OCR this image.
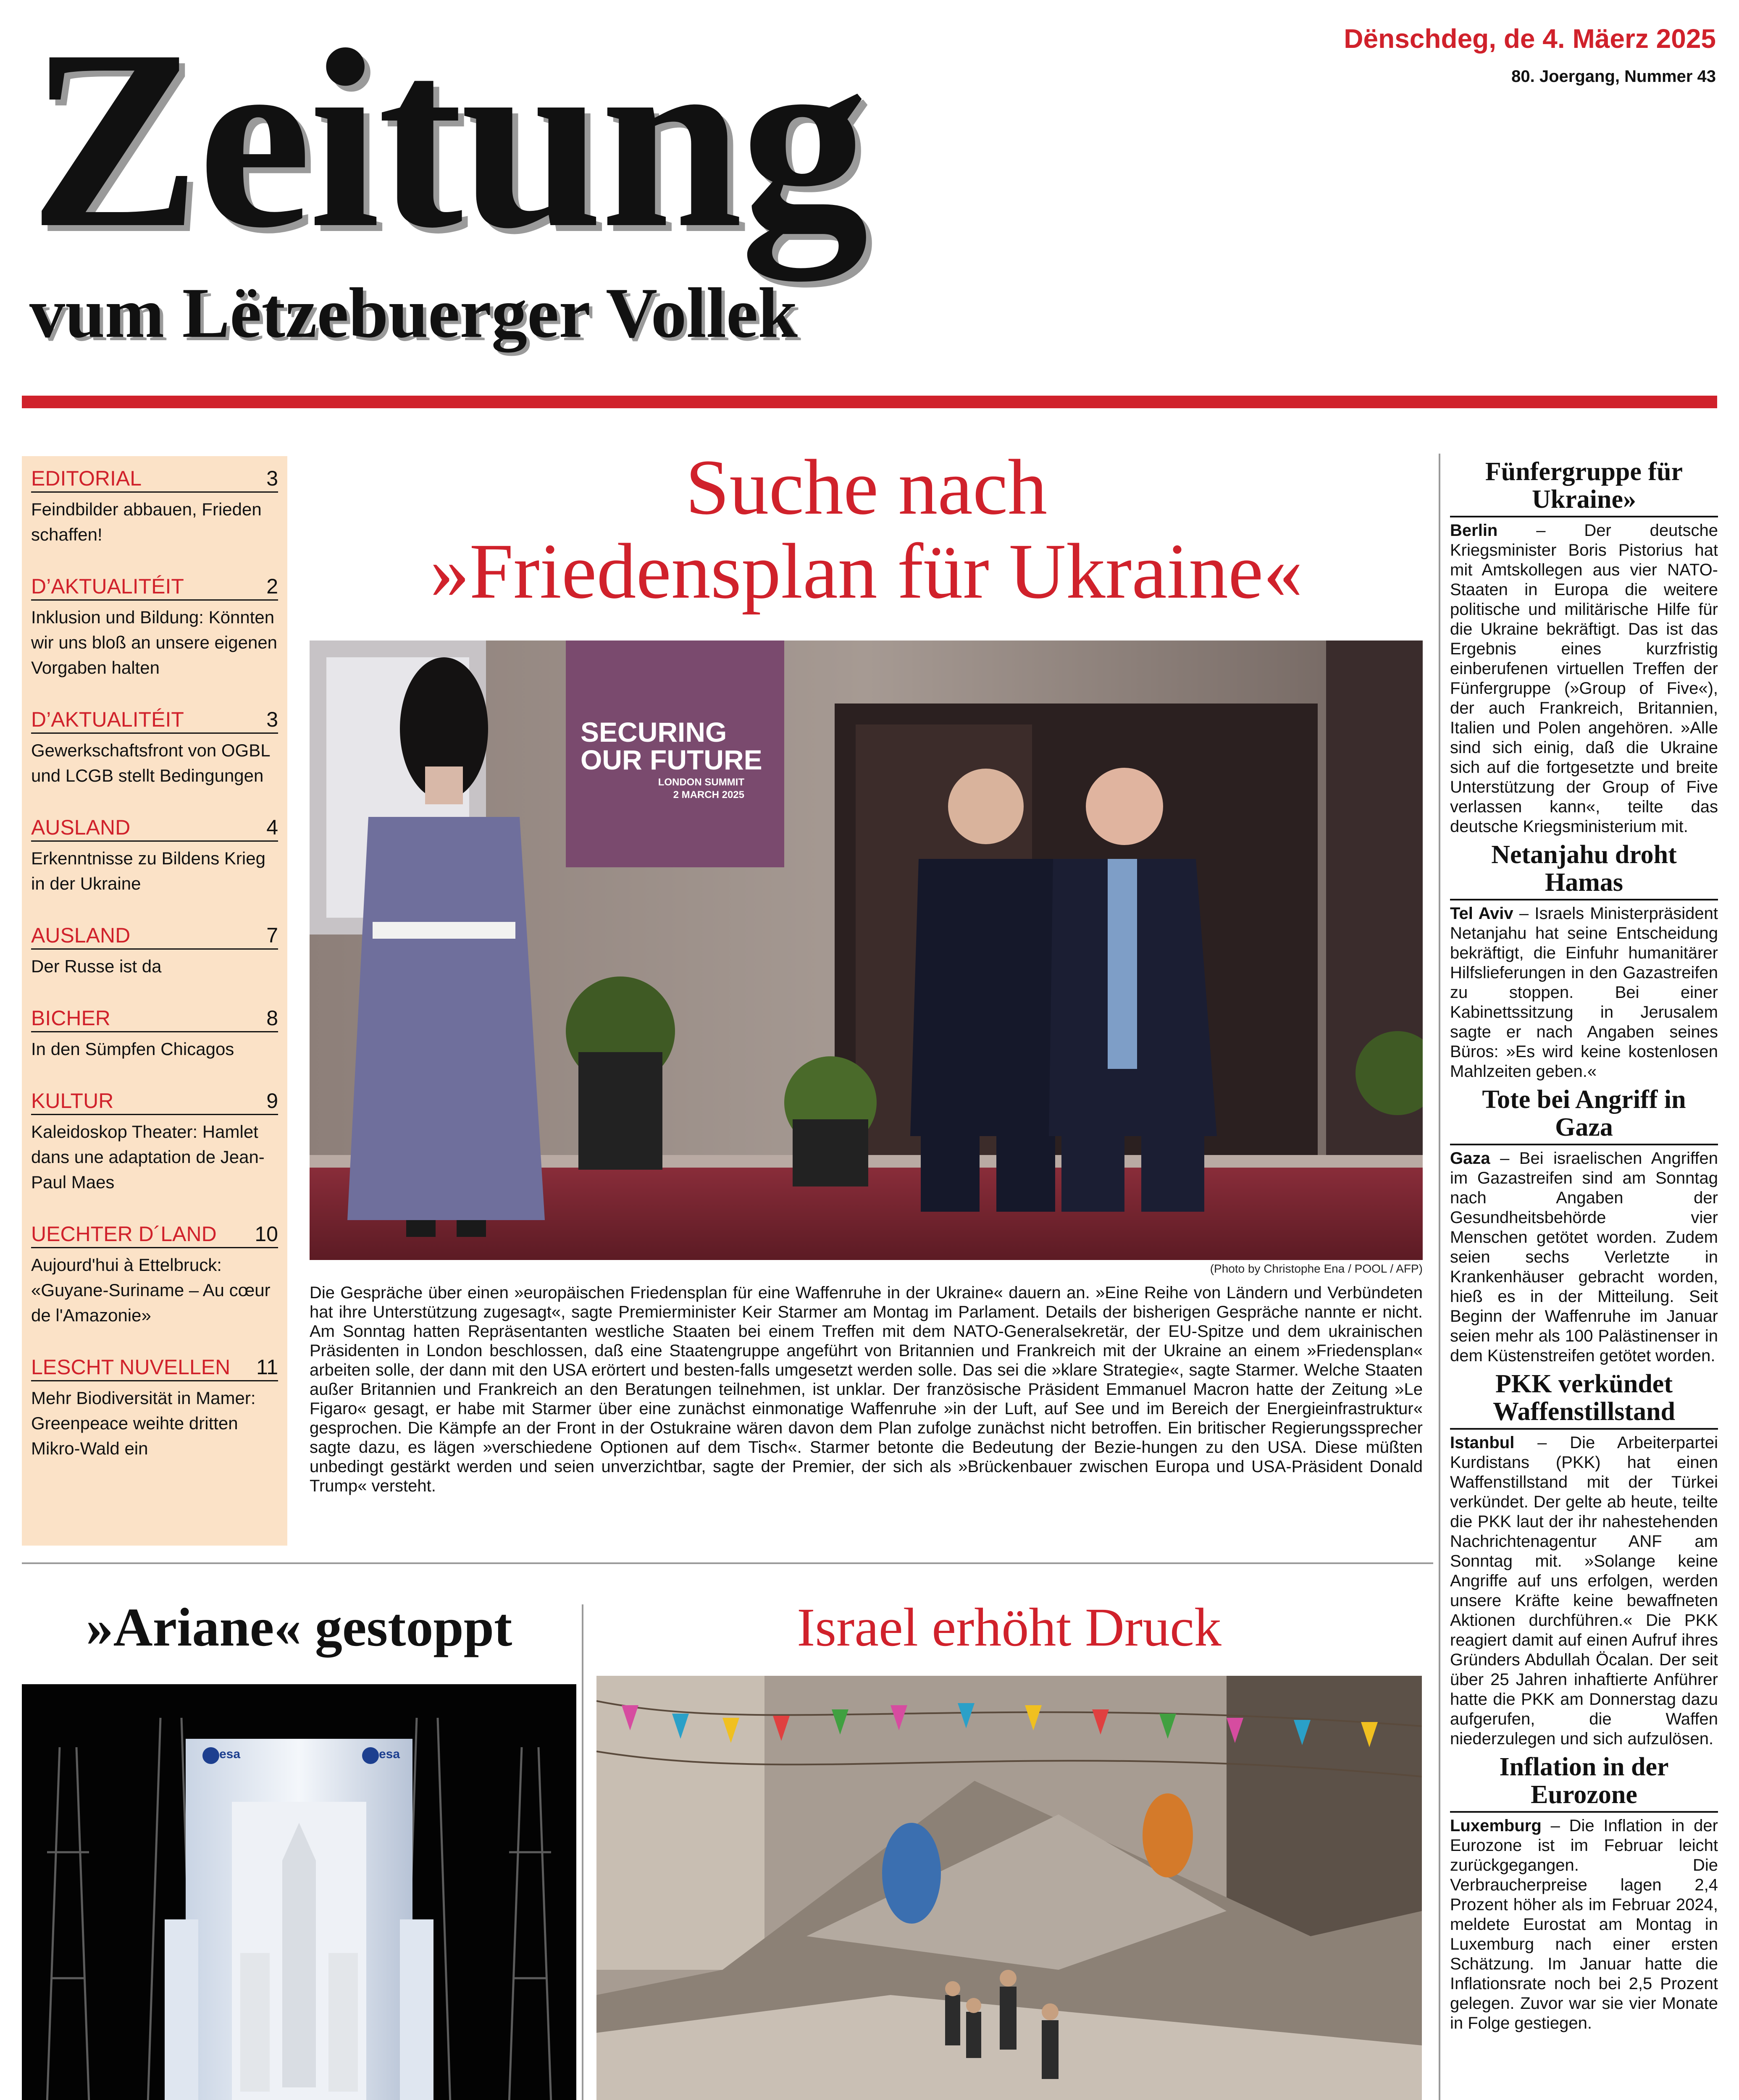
Zeitung
vum Lëtzebuerger Vollek
Dënschdeg, de 4. Mäerz 2025
80. Joergang, Nummer 43
EDITORIAL	3
Feindbilder abbauen, Frieden schaffen!
D’AKTUALITÉIT	2
Inklusion und Bildung: Könnten wir uns bloß an unsere eigenen Vorgaben halten
D’AKTUALITÉIT	3
Gewerkschaftsfront von OGBL und LCGB stellt Bedingungen
AUSLAND	4
Erkenntnisse zu Bildens Krieg in der Ukraine
AUSLAND	7
Der Russe ist da
BICHER	8
In den Sümpfen Chicagos
KULTUR	9
Kaleidoskop Theater: Hamlet dans une adaptation de Jean-Paul Maes
UECHTER D´LAND 10
Aujourd'hui à Ettelbruck: «Guyane-Suriname – Au cœur de l'Amazonie»
LESCHT NUVELLEN 11
Mehr Biodiversität in Mamer: Greenpeace weihte dritten Mikro-Wald ein
Suche nach
»Friedensplan für Ukraine«
SECURING
OUR FUTURE
LONDON SUMMIT
2 MARCH 2025
(Photo by Christophe Ena / POOL / AFP)
Die Gespräche über einen »europäischen Friedensplan für eine Waffenruhe in der Ukraine« dauern an. »Eine Reihe von Ländern und Verbündeten hat ihre Unterstützung zugesagt«, sagte Premierminister Keir Starmer am Montag im Parlament. Details der bisherigen Gespräche nannte er nicht. Am Sonntag hatten Repräsentanten westliche Staaten bei einem Treffen mit dem NATO-Generalsekretär, der EU-Spitze und dem ukrainischen Präsidenten in London beschlossen, daß eine Staatengruppe angeführt von Britannien und Frankreich mit der Ukraine an einem »Friedensplan« arbeiten solle, der dann mit den USA erörtert und besten-falls umgesetzt werden solle. Das sei die »klare Strategie«, sagte Starmer. Welche Staaten außer Britannien und Frankreich an den Beratungen teilnehmen, ist unklar. Der französische Präsident Emmanuel Macron hatte der Zeitung »Le Figaro« gesagt, er habe mit Starmer über eine zunächst einmonatige Waffenruhe »in der Luft, auf See und im Bereich der Energieinfrastruktur« gesprochen. Die Kämpfe an der Front in der Ostukraine wären davon dem Plan zufolge zunächst nicht betroffen. Ein britischer Regierungssprecher sagte dazu, es lägen »verschiedene Optionen auf dem Tisch«. Starmer betonte die Bedeutung der Bezie-hungen zu den USA. Diese müßten unbedingt gestärkt werden und seien unverzichtbar, sagte der Premier, der sich als »Brückenbauer zwischen Europa und USA-Präsident Donald Trump« versteht.
»Ariane« gestoppt
esa	esa
Israel erhöht Druck
Fünfergruppe für Ukraine»

Berlin – Der deutsche Kriegsminister Boris Pistorius hat mit Amtskollegen aus vier NATO-Staaten in Europa die weitere politische und militärische Hilfe für die Ukraine bekräftigt. Das ist das Ergebnis eines kurzfristig einberufenen virtuellen Treffen der Fünfergruppe (»Group of Five«), der auch Frankreich, Britannien, Italien und Polen angehören. »Alle sind sich einig, daß die Ukraine sich auf die fortgesetzte und breite Unterstützung der Group of Five verlassen kann«, teilte das deutsche Kriegsministerium mit.

Netanjahu droht Hamas

Tel Aviv – Israels Ministerpräsident Netanjahu hat seine Entscheidung bekräftigt, die Einfuhr humanitärer Hilfslieferungen in den Gazastreifen zu stoppen. Bei einer Kabinettssitzung in Jerusalem sagte er nach Angaben seines Büros: »Es wird keine kostenlosen Mahlzeiten geben.«

Tote bei Angriff in Gaza

Gaza – Bei israelischen Angriffen im Gazastreifen sind am Sonntag nach Angaben der Gesundheitsbehörde vier Menschen getötet worden. Zudem seien sechs Verletzte in Krankenhäuser gebracht worden, hieß es in der Mitteilung. Seit Beginn der Waffenruhe im Januar seien mehr als 100 Palästinenser in dem Küstenstreifen getötet worden.

PKK verkündet Waffenstillstand

Istanbul – Die Arbeiterpartei Kurdistans (PKK) hat einen Waffenstillstand mit der Türkei verkündet. Der gelte ab heute, teilte die PKK laut der ihr nahestehenden Nachrichtenagentur ANF am Sonntag mit. »Solange keine Angriffe auf uns erfolgen, werden unsere Kräfte keine bewaffneten Aktionen durchführen.« Die PKK reagiert damit auf einen Aufruf ihres Gründers Abdullah Öcalan. Der seit über 25 Jahren inhaftierte Anführer hatte die PKK am Donnerstag dazu aufgerufen, die Waffen niederzulegen und sich aufzulösen.

Inflation in der Eurozone

Luxemburg – Die Inflation in der Eurozone ist im Februar leicht zurückgegangen. Die Verbraucherpreise lagen 2,4 Prozent höher als im Februar 2024, meldete Eurostat am Montag in Luxemburg nach einer ersten Schätzung. Im Januar hatte die Inflationsrate noch bei 2,5 Prozent gelegen. Zuvor war sie vier Monate in Folge gestiegen.
